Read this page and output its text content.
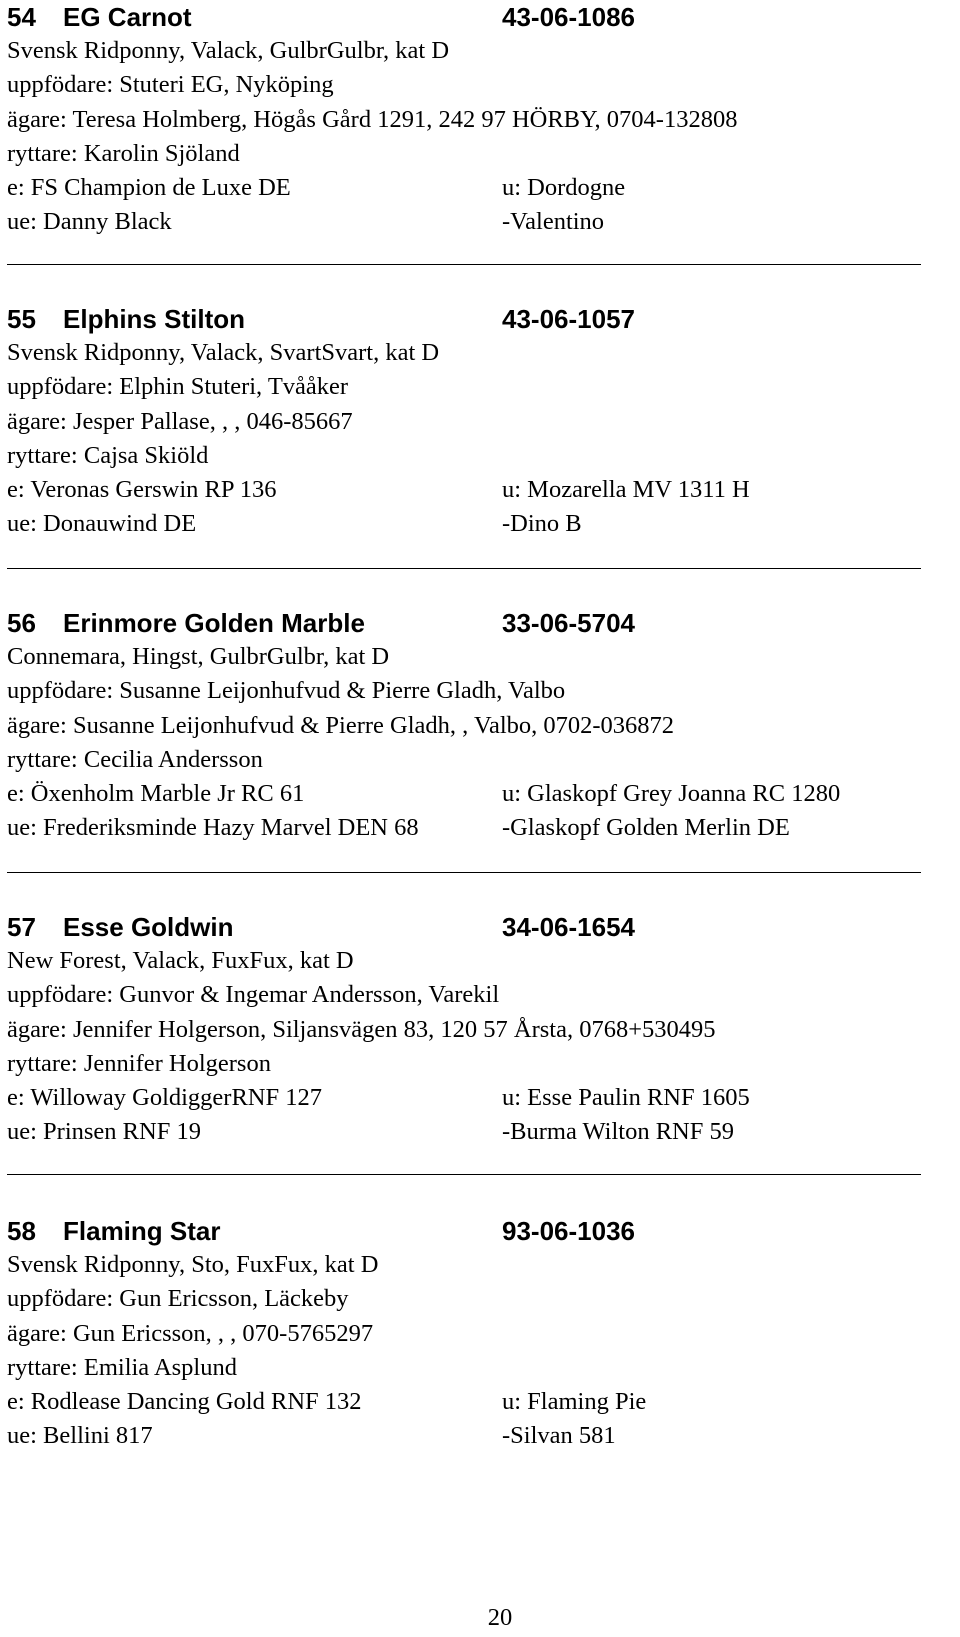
54 EG Carnot	43-06-1086
Svensk Ridponny, Valack, GulbrGulbr, kat D
uppfödare: Stuteri EG, Nyköping
ägare: Teresa Holmberg, Högås Gård 1291, 242 97 HÖRBY, 0704-132808
ryttare: Karolin Sjöland
e: FS Champion de Luxe DE	u: Dordogne
ue: Danny Black	-Valentino
55 Elphins Stilton	43-06-1057
Svensk Ridponny, Valack, SvartSvart, kat D
uppfödare: Elphin Stuteri, Tvååker
ägare: Jesper Pallase, , , 046-85667
ryttare: Cajsa Skiöld
e: Veronas Gerswin RP 136	u: Mozarella MV 1311 H
ue: Donauwind DE	-Dino B
56 Erinmore Golden Marble	33-06-5704
Connemara, Hingst, GulbrGulbr, kat D
uppfödare: Susanne Leijonhufvud & Pierre Gladh, Valbo
ägare: Susanne Leijonhufvud & Pierre Gladh, , Valbo, 0702-036872
ryttare: Cecilia Andersson
e: Öxenholm Marble Jr RC 61	u: Glaskopf Grey Joanna RC 1280
ue: Frederiksminde Hazy Marvel DEN 68	-Glaskopf Golden Merlin DE
57 Esse Goldwin	34-06-1654
New Forest, Valack, FuxFux, kat D
uppfödare: Gunvor & Ingemar Andersson, Varekil
ägare: Jennifer Holgerson, Siljansvägen 83, 120 57 Årsta, 0768+530495
ryttare: Jennifer Holgerson
e: Willoway GoldiggerRNF 127	u: Esse Paulin RNF 1605
ue: Prinsen RNF 19	-Burma Wilton RNF 59
58 Flaming Star	93-06-1036
Svensk Ridponny, Sto, FuxFux, kat D
uppfödare: Gun Ericsson, Läckeby
ägare: Gun Ericsson, , , 070-5765297
ryttare: Emilia Asplund
e: Rodlease Dancing Gold RNF 132	u: Flaming Pie
ue: Bellini 817	-Silvan 581
20
